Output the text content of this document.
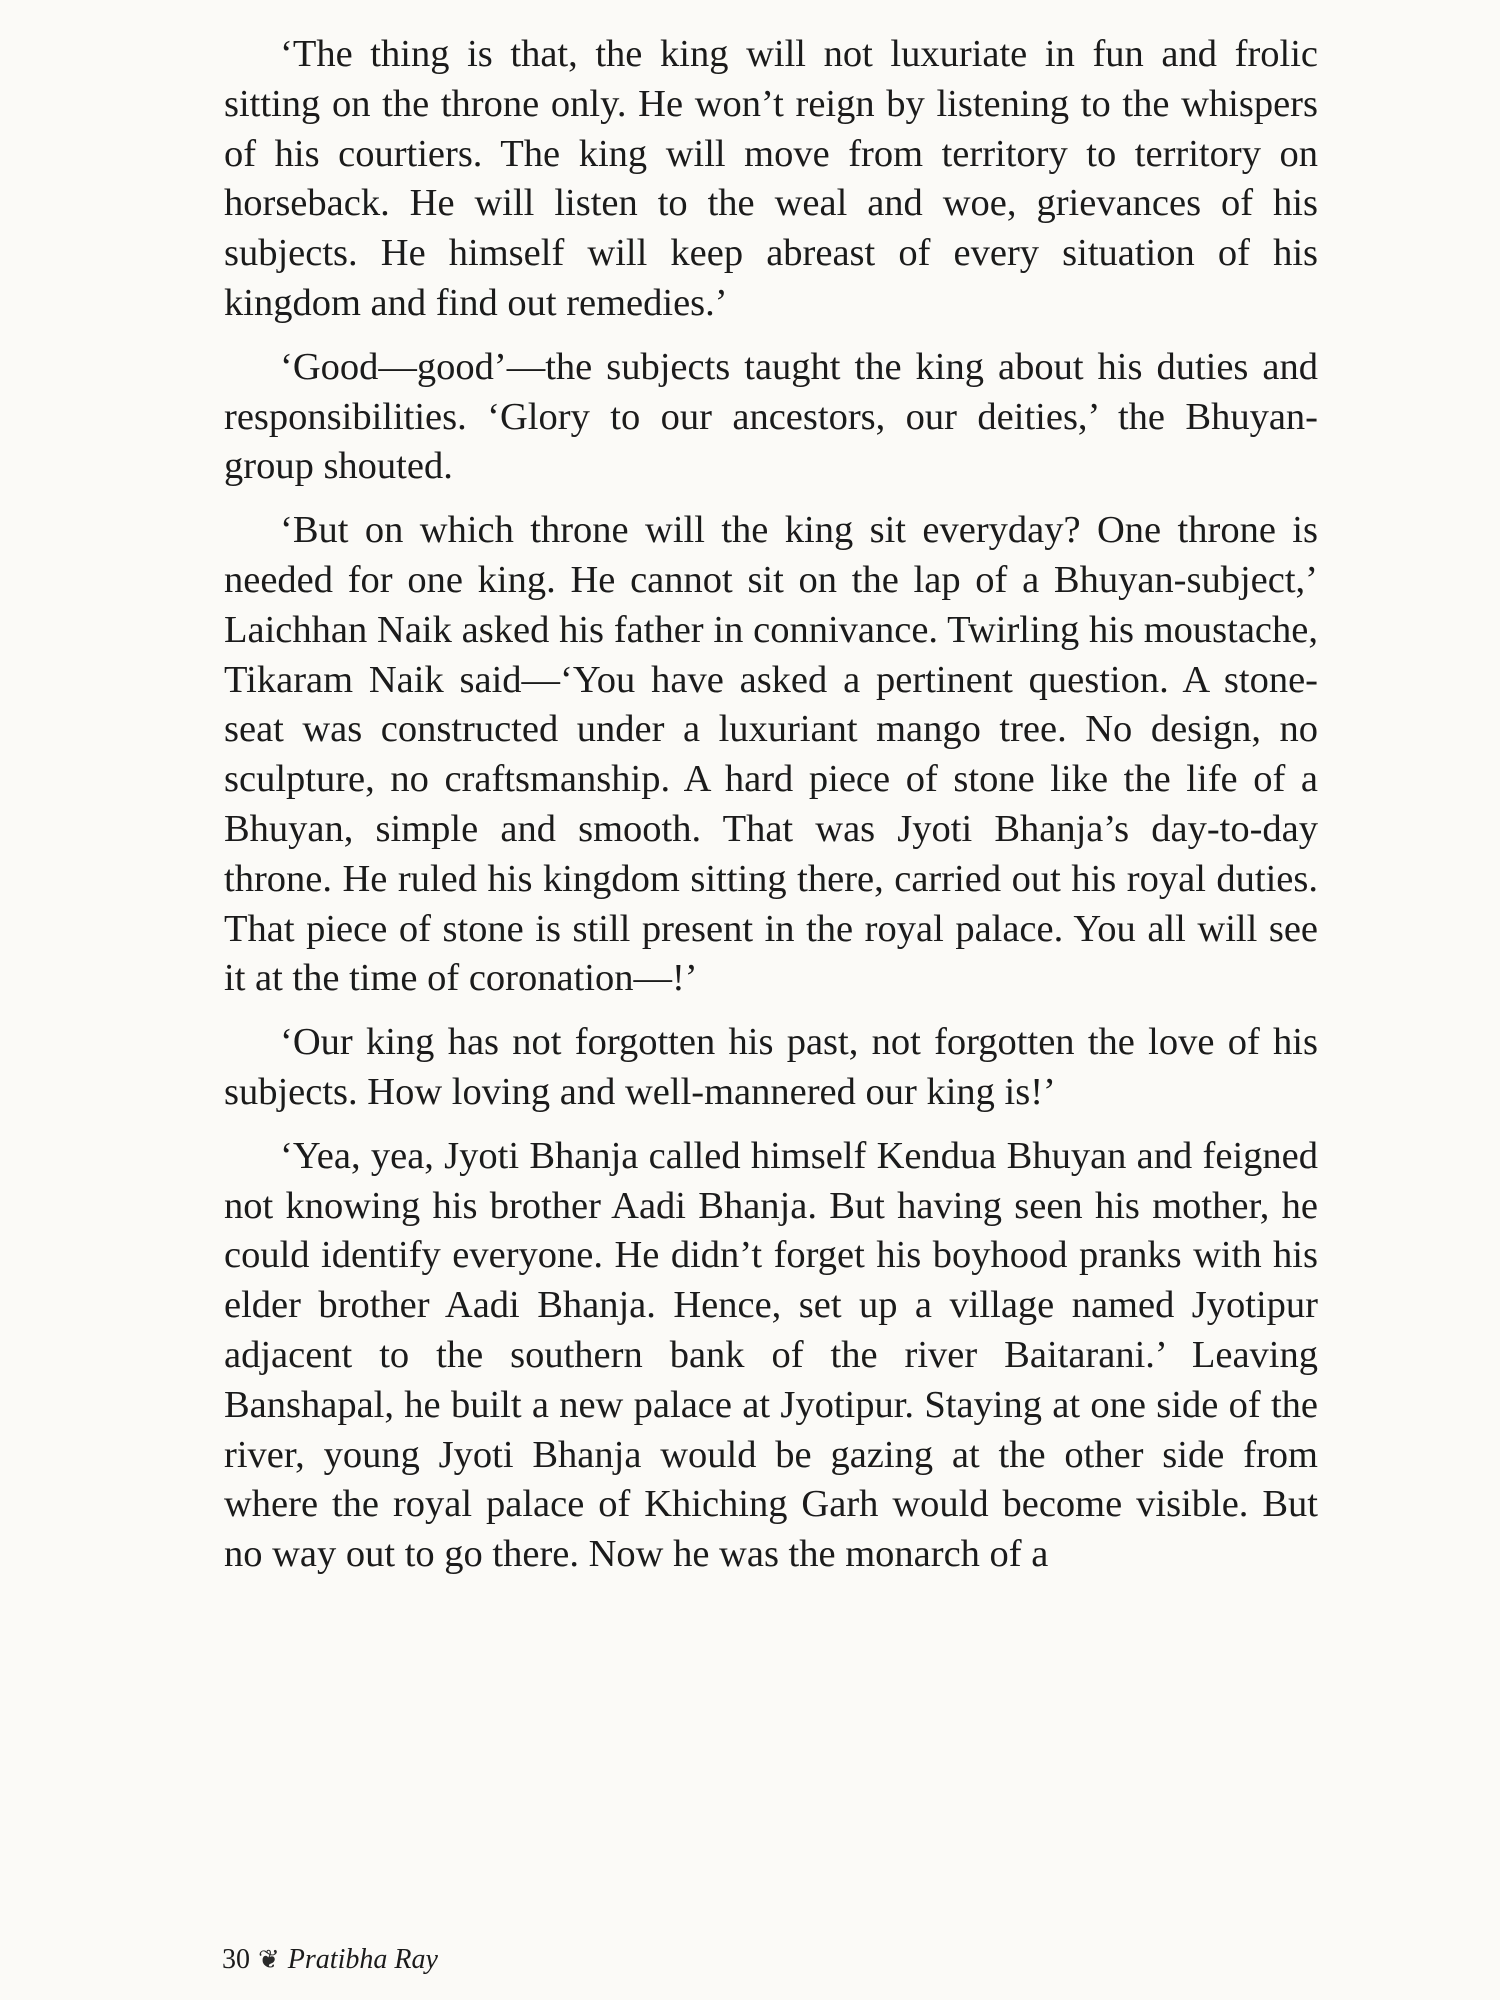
‘The thing is that, the king will not luxuriate in fun and frolic sitting on the throne only. He won’t reign by listening to the whispers of his courtiers. The king will move from territory to territory on horseback. He will listen to the weal and woe, grievances of his subjects. He himself will keep abreast of every situation of his kingdom and find out remedies.’

‘Good—good’—the subjects taught the king about his duties and responsibilities. ‘Glory to our ancestors, our deities,’ the Bhuyan-group shouted.

‘But on which throne will the king sit everyday? One throne is needed for one king. He cannot sit on the lap of a Bhuyan-subject,’ Laichhan Naik asked his father in connivance. Twirling his moustache, Tikaram Naik said—‘You have asked a pertinent question. A stone-seat was constructed under a luxuriant mango tree. No design, no sculpture, no craftsmanship. A hard piece of stone like the life of a Bhuyan, simple and smooth. That was Jyoti Bhanja’s day-to-day throne. He ruled his kingdom sitting there, carried out his royal duties. That piece of stone is still present in the royal palace. You all will see it at the time of coronation—!’

‘Our king has not forgotten his past, not forgotten the love of his subjects. How loving and well-mannered our king is!’

‘Yea, yea, Jyoti Bhanja called himself Kendua Bhuyan and feigned not knowing his brother Aadi Bhanja. But having seen his mother, he could identify everyone. He didn’t forget his boyhood pranks with his elder brother Aadi Bhanja. Hence, set up a village named Jyotipur adjacent to the southern bank of the river Baitarani.’ Leaving Banshapal, he built a new palace at Jyotipur. Staying at one side of the river, young Jyoti Bhanja would be gazing at the other side from where the royal palace of Khiching Garh would become visible. But no way out to go there. Now he was the monarch of a

30 ❦ Pratibha Ray
